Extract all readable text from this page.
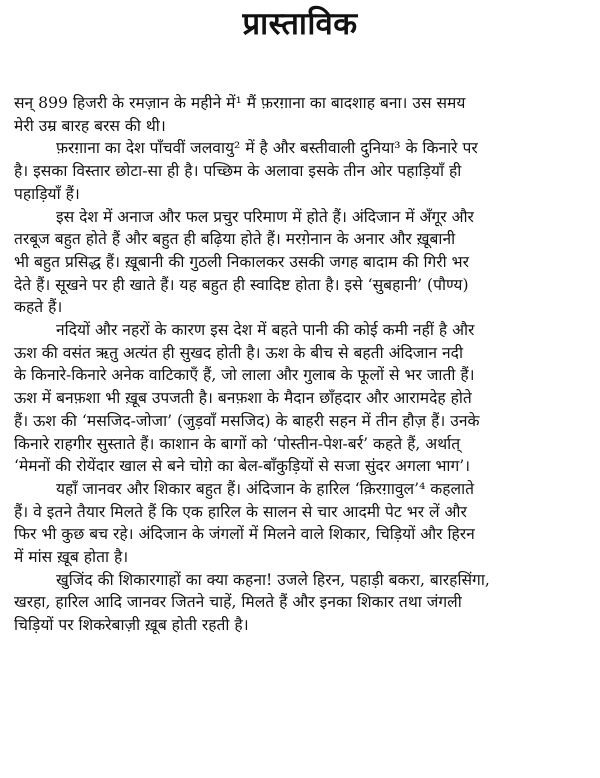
प्रास्ताविक

सन् 899 हिजरी के रमज़ान के महीने में¹ मैं फ़रग़ाना का बादशाह बना। उस समय
मेरी उम्र बारह बरस की थी।

फ़रग़ाना का देश पाँचवीं जलवायु² में है और बस्तीवाली दुनिया³ के किनारे पर
है। इसका विस्तार छोटा-सा ही है। पच्छिम के अलावा इसके तीन ओर पहाड़ियाँ ही
पहाड़ियाँ हैं।

इस देश में अनाज और फल प्रचुर परिमाण में होते हैं। अंदिजान में अँगूर और
तरबूज बहुत होते हैं और बहुत ही बढ़िया होते हैं। मरग़ेनान के अनार और ख़ूबानी
भी बहुत प्रसिद्ध हैं। ख़ूबानी की गुठली निकालकर उसकी जगह बादाम की गिरी भर
देते हैं। सूखने पर ही खाते हैं। यह बहुत ही स्वादिष्ट होता है। इसे ‘सुबहानी’ (पौण्य)
कहते हैं।

नदियों और नहरों के कारण इस देश में बहते पानी की कोई कमी नहीं है और
ऊश की वसंत ऋतु अत्यंत ही सुखद होती है। ऊश के बीच से बहती अंदिजान नदी
के किनारे-किनारे अनेक वाटिकाएँ हैं, जो लाला और गुलाब के फूलों से भर जाती हैं।
ऊश में बनफ़शा भी ख़ूब उपजती है। बनफ़शा के मैदान छाँहदार और आरामदेह होते
हैं। ऊश की ‘मसजिद-जोजा’ (जुड़वाँ मसजिद) के बाहरी सहन में तीन हौज़ हैं। उनके
किनारे राहगीर सुस्ताते हैं। काशान के बागों को ‘पोस्तीन-पेश-बर्र’ कहते हैं, अर्थात्
‘मेमनों की रोयेंदार खाल से बने चोग़े का बेल-बाँकुड़ियों से सजा सुंदर अगला भाग’।

यहाँ जानवर और शिकार बहुत हैं। अंदिजान के हारिल ‘क़िरग़ावुल’⁴ कहलाते
हैं। वे इतने तैयार मिलते हैं कि एक हारिल के सालन से चार आदमी पेट भर लें और
फिर भी कुछ बच रहे। अंदिजान के जंगलों में मिलने वाले शिकार, चिड़ियों और हिरन
में मांस ख़ूब होता है।

खुजिंद की शिकारगाहों का क्या कहना! उजले हिरन, पहाड़ी बकरा, बारहसिंगा,
खरहा, हारिल आदि जानवर जितने चाहें, मिलते हैं और इनका शिकार तथा जंगली
चिड़ियों पर शिकरेबाज़ी ख़ूब होती रहती है।
